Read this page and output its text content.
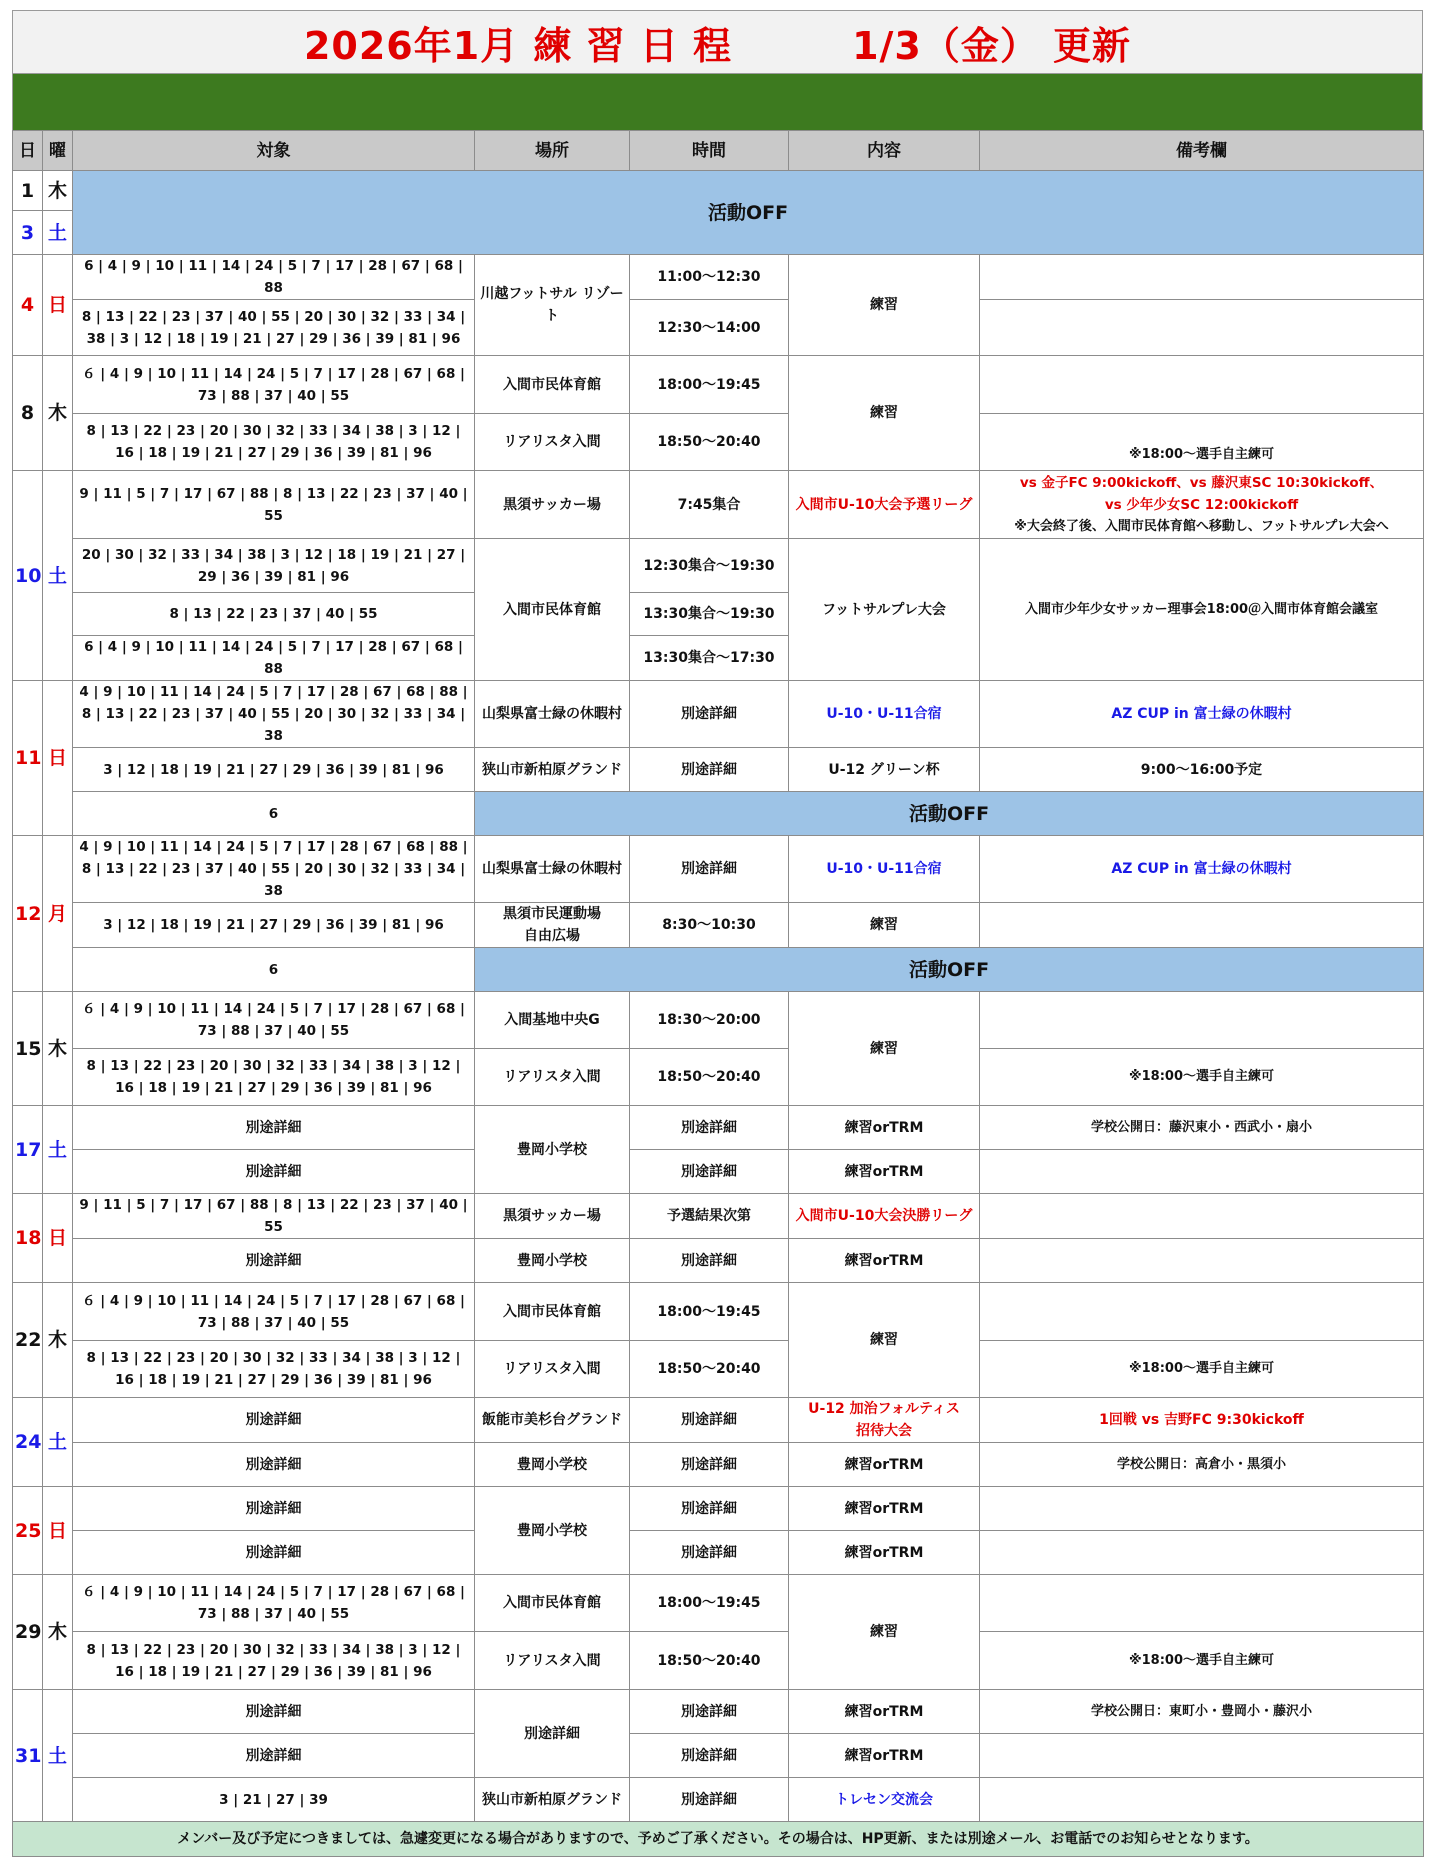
2026年1月 練 習 日 程	1/3（金） 更新
日	曜	対象	場所	時間	内容	備考欄
1	木	活動OFF				
3	土					
4	日	6 | 4 | 9 | 10 | 11 | 14 | 24 | 5 | 7 | 17 | 28 | 67 | 68 | 88	川越フットサル リゾート	11:00～12:30	練習	
		8 | 13 | 22 | 23 | 37 | 40 | 55 | 20 | 30 | 32 | 33 | 34 | 38 | 3 | 12 | 18 | 19 | 21 | 27 | 29 | 36 | 39 | 81 | 96		12:30～14:00		
8	木	６ | 4 | 9 | 10 | 11 | 14 | 24 | 5 | 7 | 17 | 28 | 67 | 68 | 73 | 88 | 37 | 40 | 55	入間市民体育館	18:00～19:45	練習	
		8 | 13 | 22 | 23 | 20 | 30 | 32 | 33 | 34 | 38 | 3 | 12 | 16 | 18 | 19 | 21 | 27 | 29 | 36 | 39 | 81 | 96	リアリスタ入間	18:50～20:40		※18:00～選手自主練可
10	土	9 | 11 | 5 | 7 | 17 | 67 | 88 | 8 | 13 | 22 | 23 | 37 | 40 | 55	黒須サッカー場	7:45集合	入間市U-10大会予選リーグ	vs 金子FC 9:00kickoff、vs 藤沢東SC 10:30kickoff、
vs 少年少女SC 12:00kickoff
※大会終了後、入間市民体育館へ移動し、フットサルプレ大会へ

		20 | 30 | 32 | 33 | 34 | 38 | 3 | 12 | 18 | 19 | 21 | 27 | 29 | 36 | 39 | 81 | 96	入間市民体育館	12:30集合～19:30	フットサルプレ大会	入間市少年少女サッカー理事会18:00＠入間市体育館会議室
		8 | 13 | 22 | 23 | 37 | 40 | 55		13:30集合～19:30		
		6 | 4 | 9 | 10 | 11 | 14 | 24 | 5 | 7 | 17 | 28 | 67 | 68 | 88		13:30集合～17:30		
11	日	4 | 9 | 10 | 11 | 14 | 24 | 5 | 7 | 17 | 28 | 67 | 68 | 88 | 8 | 13 | 22 | 23 | 37 | 40 | 55 | 20 | 30 | 32 | 33 | 34 | 38	山梨県富士緑の休暇村	別途詳細	U-10・U-11合宿	AZ CUP in 富士緑の休暇村
		3 | 12 | 18 | 19 | 21 | 27 | 29 | 36 | 39 | 81 | 96	狭山市新柏原グランド	別途詳細	U-12 グリーン杯	9:00～16:00予定
		6	活動OFF			
12	月	4 | 9 | 10 | 11 | 14 | 24 | 5 | 7 | 17 | 28 | 67 | 68 | 88 | 8 | 13 | 22 | 23 | 37 | 40 | 55 | 20 | 30 | 32 | 33 | 34 | 38	山梨県富士緑の休暇村	別途詳細	U-10・U-11合宿	AZ CUP in 富士緑の休暇村
		3 | 12 | 18 | 19 | 21 | 27 | 29 | 36 | 39 | 81 | 96	黒須市民運動場
自由広場	8:30～10:30	練習	
		6	活動OFF			
15	木	６ | 4 | 9 | 10 | 11 | 14 | 24 | 5 | 7 | 17 | 28 | 67 | 68 | 73 | 88 | 37 | 40 | 55	入間基地中央G	18:30～20:00	練習	
		8 | 13 | 22 | 23 | 20 | 30 | 32 | 33 | 34 | 38 | 3 | 12 | 16 | 18 | 19 | 21 | 27 | 29 | 36 | 39 | 81 | 96	リアリスタ入間	18:50～20:40		※18:00～選手自主練可
17	土	別途詳細	豊岡小学校	別途詳細	練習orTRM	学校公開日：藤沢東小・西武小・扇小
		別途詳細		別途詳細	練習orTRM	
18	日	9 | 11 | 5 | 7 | 17 | 67 | 88 | 8 | 13 | 22 | 23 | 37 | 40 | 55	黒須サッカー場	予選結果次第	入間市U-10大会決勝リーグ	
		別途詳細	豊岡小学校	別途詳細	練習orTRM	
22	木	６ | 4 | 9 | 10 | 11 | 14 | 24 | 5 | 7 | 17 | 28 | 67 | 68 | 73 | 88 | 37 | 40 | 55	入間市民体育館	18:00～19:45	練習	
		8 | 13 | 22 | 23 | 20 | 30 | 32 | 33 | 34 | 38 | 3 | 12 | 16 | 18 | 19 | 21 | 27 | 29 | 36 | 39 | 81 | 96	リアリスタ入間	18:50～20:40		※18:00～選手自主練可
24	土	別途詳細	飯能市美杉台グランド	別途詳細	U-12 加治フォルティス
招待大会	1回戦 vs 吉野FC 9:30kickoff
		別途詳細	豊岡小学校	別途詳細	練習orTRM	学校公開日：高倉小・黒須小
25	日	別途詳細	豊岡小学校	別途詳細	練習orTRM	
		別途詳細		別途詳細	練習orTRM	
29	木	６ | 4 | 9 | 10 | 11 | 14 | 24 | 5 | 7 | 17 | 28 | 67 | 68 | 73 | 88 | 37 | 40 | 55	入間市民体育館	18:00～19:45	練習	
		8 | 13 | 22 | 23 | 20 | 30 | 32 | 33 | 34 | 38 | 3 | 12 | 16 | 18 | 19 | 21 | 27 | 29 | 36 | 39 | 81 | 96	リアリスタ入間	18:50～20:40		※18:00～選手自主練可
31	土	別途詳細	別途詳細	別途詳細	練習orTRM	学校公開日：東町小・豊岡小・藤沢小
		別途詳細		別途詳細	練習orTRM	
		3 | 21 | 27 | 39	狭山市新柏原グランド	別途詳細	トレセン交流会	
メンバー及び予定につきましては、急遽変更になる場合がありますので、予めご了承ください。その場合は、HP更新、または別途メール、お電話でのお知らせとなります。						
